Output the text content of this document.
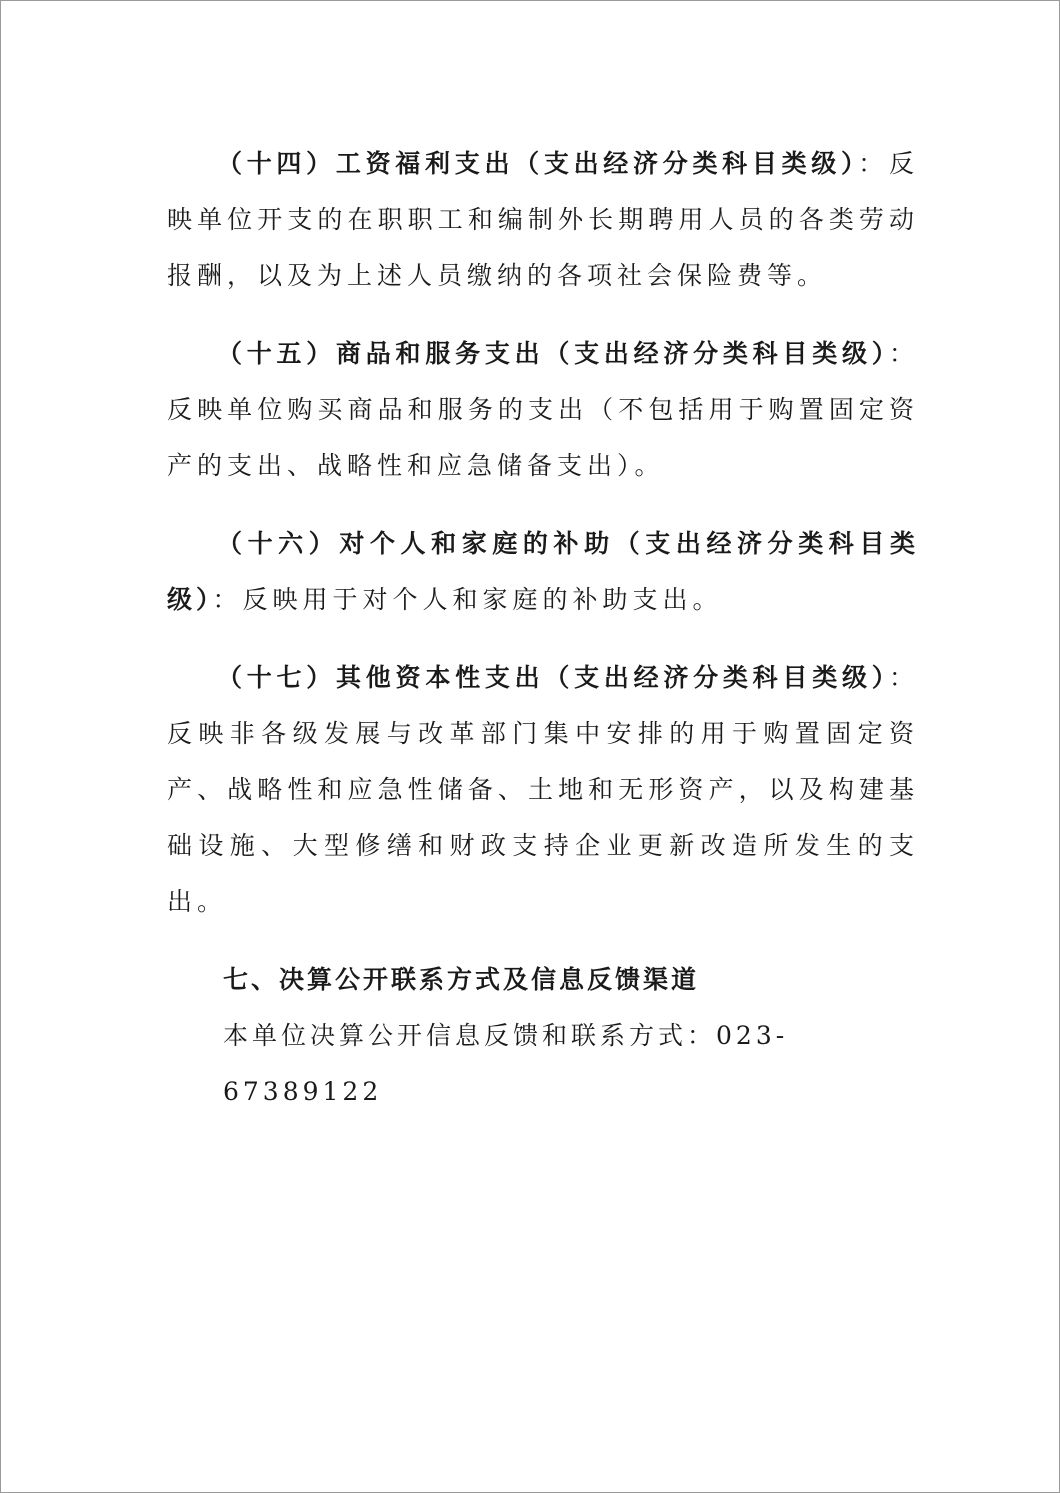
（十四）工资福利支出（支出经济分类科目类级）：反映单位开支的在职职工和编制外长期聘用人员的各类劳动报酬，以及为上述人员缴纳的各项社会保险费等。

（十五）商品和服务支出（支出经济分类科目类级）：反映单位购买商品和服务的支出（不包括用于购置固定资产的支出、战略性和应急储备支出）。

（十六）对个人和家庭的补助（支出经济分类科目类级）：反映用于对个人和家庭的补助支出。

（十七）其他资本性支出（支出经济分类科目类级）：反映非各级发展与改革部门集中安排的用于购置固定资产、战略性和应急性储备、土地和无形资产，以及构建基础设施、大型修缮和财政支持企业更新改造所发生的支出。

七、决算公开联系方式及信息反馈渠道

本单位决算公开信息反馈和联系方式：023-67389122
